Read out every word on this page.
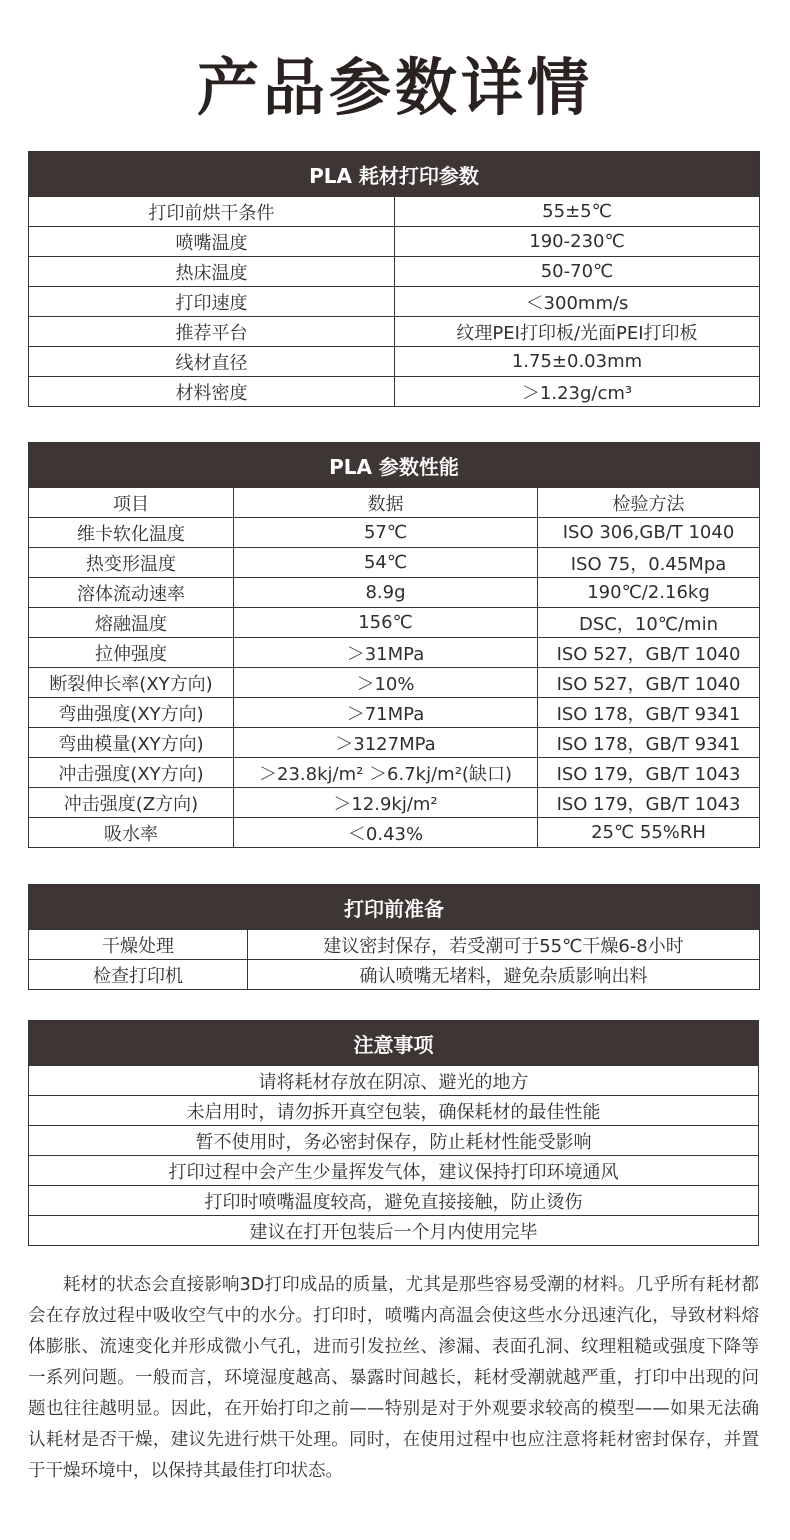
产品参数详情
PLA 耗材打印参数	
打印前烘干条件	55±5℃
喷嘴温度	190-230℃
热床温度	50-70℃
打印速度	＜300mm/s
推荐平台	纹理PEI打印板/光面PEI打印板
线材直径	1.75±0.03mm
材料密度	＞1.23g/cm³
PLA 参数性能		
项目	数据	检验方法
维卡软化温度	57℃	ISO 306,GB/T 1040
热变形温度	54℃	ISO 75，0.45Mpa
溶体流动速率	8.9g	190℃/2.16kg
熔融温度	156℃	DSC，10℃/min
拉伸强度	＞31MPa	ISO 527，GB/T 1040
断裂伸长率(XY方向)	＞10%	ISO 527，GB/T 1040
弯曲强度(XY方向)	＞71MPa	ISO 178，GB/T 9341
弯曲模量(XY方向)	＞3127MPa	ISO 178，GB/T 9341
冲击强度(XY方向)	＞23.8kj/m² ＞6.7kj/m²(缺口)	ISO 179，GB/T 1043
冲击强度(Z方向)	＞12.9kj/m²	ISO 179，GB/T 1043
吸水率	＜0.43%	25℃ 55%RH
打印前准备	
干燥处理	建议密封保存，若受潮可于55℃干燥6-8小时
检查打印机	确认喷嘴无堵料，避免杂质影响出料
注意事项
请将耗材存放在阴凉、避光的地方
未启用时，请勿拆开真空包装，确保耗材的最佳性能
暂不使用时，务必密封保存，防止耗材性能受影响
打印过程中会产生少量挥发气体，建议保持打印环境通风
打印时喷嘴温度较高，避免直接接触，防止烫伤
建议在打开包装后一个月内使用完毕

耗材的状态会直接影响3D打印成品的质量，尤其是那些容易受潮的材料。几乎所有耗材都会在存放过程中吸收空气中的水分。打印时，喷嘴内高温会使这些水分迅速汽化，导致材料熔体膨胀、流速变化并形成微小气孔，进而引发拉丝、渗漏、表面孔洞、纹理粗糙或强度下降等一系列问题。一般而言，环境湿度越高、暴露时间越长，耗材受潮就越严重，打印中出现的问题也往往越明显。因此，在开始打印之前——特别是对于外观要求较高的模型——如果无法确认耗材是否干燥，建议先进行烘干处理。同时，在使用过程中也应注意将耗材密封保存，并置于干燥环境中，以保持其最佳打印状态。
